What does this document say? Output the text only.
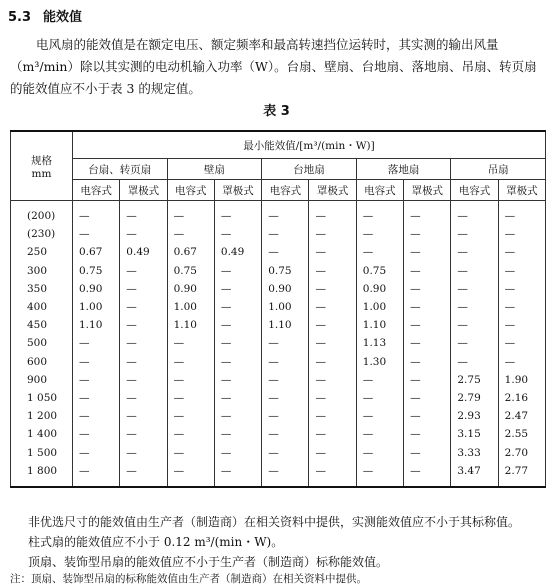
5.3 能效值

电风扇的能效值是在额定电压、额定频率和最高转速挡位运转时，其实测的输出风量（m³/min）除以其实测的电动机输入功率（W）。台扇、壁扇、台地扇、落地扇、吊扇、转页扇的能效值应不小于表 3 的规定值。

表 3
规格
mm	最小能效值/[m³/(min・W)]									
	台扇、转页扇		壁扇		台地扇		落地扇		吊扇	
	电容式	罩极式	电容式	罩极式	电容式	罩极式	电容式	罩极式	电容式	罩极式
(200)	—	—	—	—	—	—	—	—	—	—
(230)	—	—	—	—	—	—	—	—	—	—
250	0.67	0.49	0.67	0.49	—	—	—	—	—	—
300	0.75	—	0.75	—	0.75	—	0.75	—	—	—
350	0.90	—	0.90	—	0.90	—	0.90	—	—	—
400	1.00	—	1.00	—	1.00	—	1.00	—	—	—
450	1.10	—	1.10	—	1.10	—	1.10	—	—	—
500	—	—	—	—	—	—	1.13	—	—	—
600	—	—	—	—	—	—	1.30	—	—	—
900	—	—	—	—	—	—	—	—	2.75	1.90
1 050	—	—	—	—	—	—	—	—	2.79	2.16
1 200	—	—	—	—	—	—	—	—	2.93	2.47
1 400	—	—	—	—	—	—	—	—	3.15	2.55
1 500	—	—	—	—	—	—	—	—	3.33	2.70
1 800	—	—	—	—	—	—	—	—	3.47	2.77
非优选尺寸的能效值由生产者（制造商）在相关资料中提供，实测能效值应不小于其标称值。
柱式扇的能效值应不小于 0.12 m³/(min・W)。
顶扇、装饰型吊扇的能效值应不小于生产者（制造商）标称能效值。
注：顶扇、装饰型吊扇的标称能效值由生产者（制造商）在相关资料中提供。
